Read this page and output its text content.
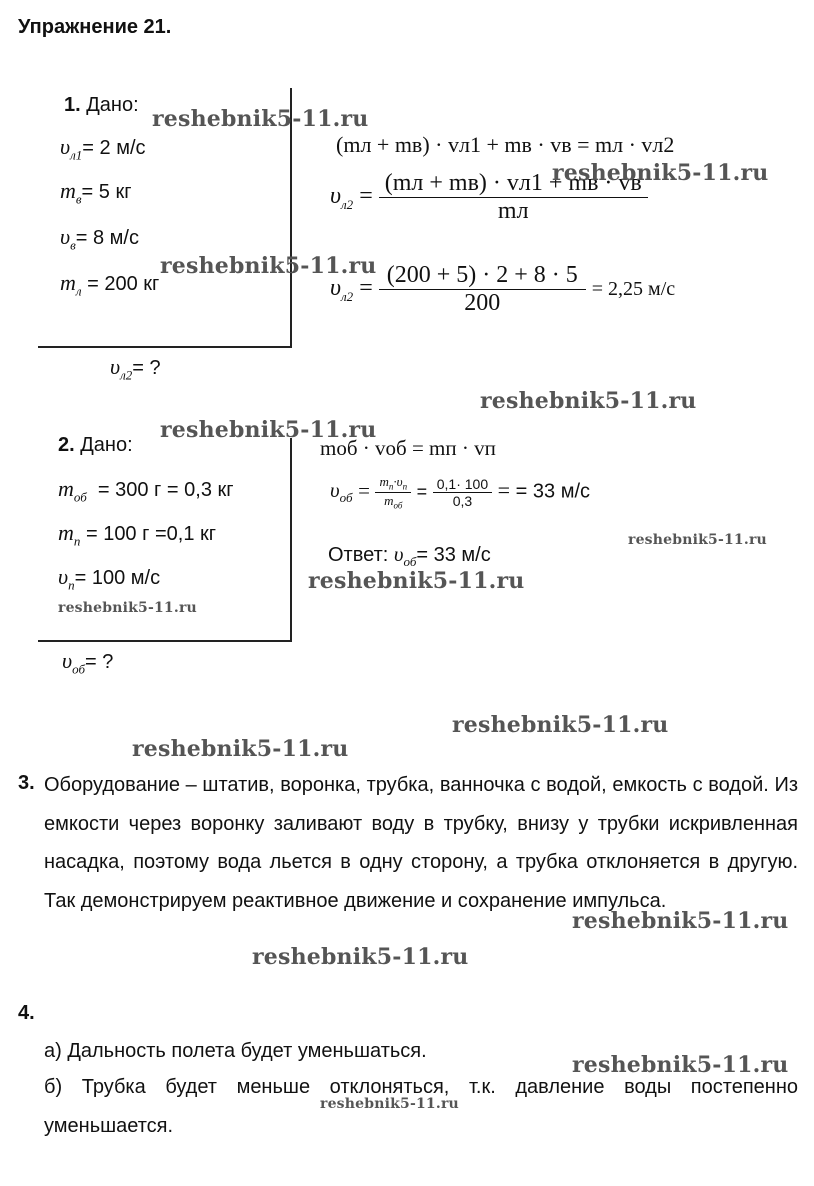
Упражнение 21.
1. Дано:
$\upsilon_{л1}= 2$ м/с
$m_в= 5$ кг
$\upsilon_в= 8$ м/с
$m_л = 200$ кг
$\upsilon_{л2}=$ ?
(mл + mв) · vл1 + mв · vв = mл · vл2
$\upsilon_{л2} = \frac{(mл + mв) \cdot vл1 + mв \cdot vв}{mл}$
$\upsilon_{л2} = \frac{(200 + 5) \cdot 2 + 8 \cdot 5}{200} = 2,25$ м/с
2. Дано:
$m_{об} = 300$ г = 0,3 кг
$m_п = 100$ г =0,1 кг
$\upsilon_п= 100$ м/с
$\upsilon_{об}=$ ?
mоб · vоб = mп · vп
$\upsilon_{об} = \frac{m_п\cdot\upsilon_п}{m_{об}} = \frac{0,1\cdot 100}{0,3}$ = = 33 м/с
Ответ: $\upsilon_{об}= 33$ м/с
3. Оборудование – штатив, воронка, трубка, ванночка с водой, емкость с водой. Из емкости через воронку заливают воду в трубку, внизу у трубки искривленная насадка, поэтому вода льется в одну сторону, а трубка отклоняется в другую. Так демонстрируем реактивное движение и сохранение импульса.
4.
а) Дальность полета будет уменьшаться.
б) Трубка будет меньше отклоняться, т.к. давление воды постепенно уменьшается.
reshebnik5-11.ru
reshebnik5-11.ru
reshebnik5-11.ru
reshebnik5-11.ru
reshebnik5-11.ru
reshebnik5-11.ru
reshebnik5-11.ru
reshebnik5-11.ru
reshebnik5-11.ru
reshebnik5-11.ru
reshebnik5-11.ru
reshebnik5-11.ru
reshebnik5-11.ru
reshebnik5-11.ru
